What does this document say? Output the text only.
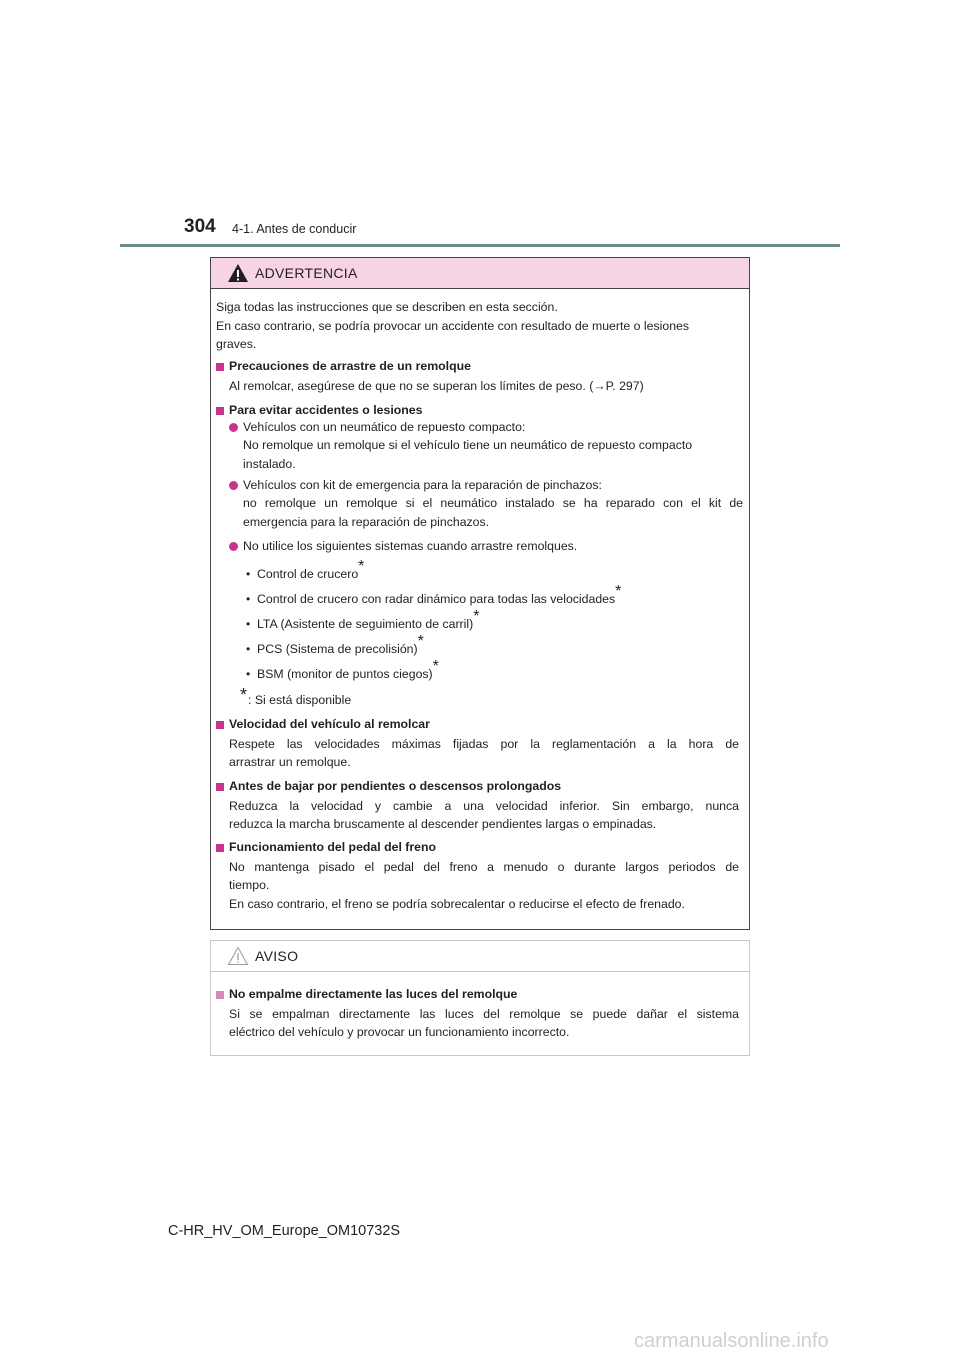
304 4-1. Antes de conducir
ADVERTENCIA
Siga todas las instrucciones que se describen en esta sección.
En caso contrario, se podría provocar un accidente con resultado de muerte o lesiones
graves.
Precauciones de arrastre de un remolque
Al remolcar, asegúrese de que no se superan los límites de peso. (→P. 297)
Para evitar accidentes o lesiones
Vehículos con un neumático de repuesto compacto:
No remolque un remolque si el vehículo tiene un neumático de repuesto compacto
instalado.
Vehículos con kit de emergencia para la reparación de pinchazos:
no remolque un remolque si el neumático instalado se ha reparado con el kit de
emergencia para la reparación de pinchazos.
No utilice los siguientes sistemas cuando arrastre remolques.
• Control de crucero*
• Control de crucero con radar dinámico para todas las velocidades*
• LTA (Asistente de seguimiento de carril)*
• PCS (Sistema de precolisión)*
• BSM (monitor de puntos ciegos)*
* : Si está disponible
Velocidad del vehículo al remolcar
Respete las velocidades máximas fijadas por la reglamentación a la hora de
arrastrar un remolque.
Antes de bajar por pendientes o descensos prolongados
Reduzca la velocidad y cambie a una velocidad inferior. Sin embargo, nunca
reduzca la marcha bruscamente al descender pendientes largas o empinadas.
Funcionamiento del pedal del freno
No mantenga pisado el pedal del freno a menudo o durante largos periodos de
tiempo.
En caso contrario, el freno se podría sobrecalentar o reducirse el efecto de frenado.
AVISO
No empalme directamente las luces del remolque
Si se empalman directamente las luces del remolque se puede dañar el sistema
eléctrico del vehículo y provocar un funcionamiento incorrecto.
C-HR_HV_OM_Europe_OM10732S
carmanualsonline.info
